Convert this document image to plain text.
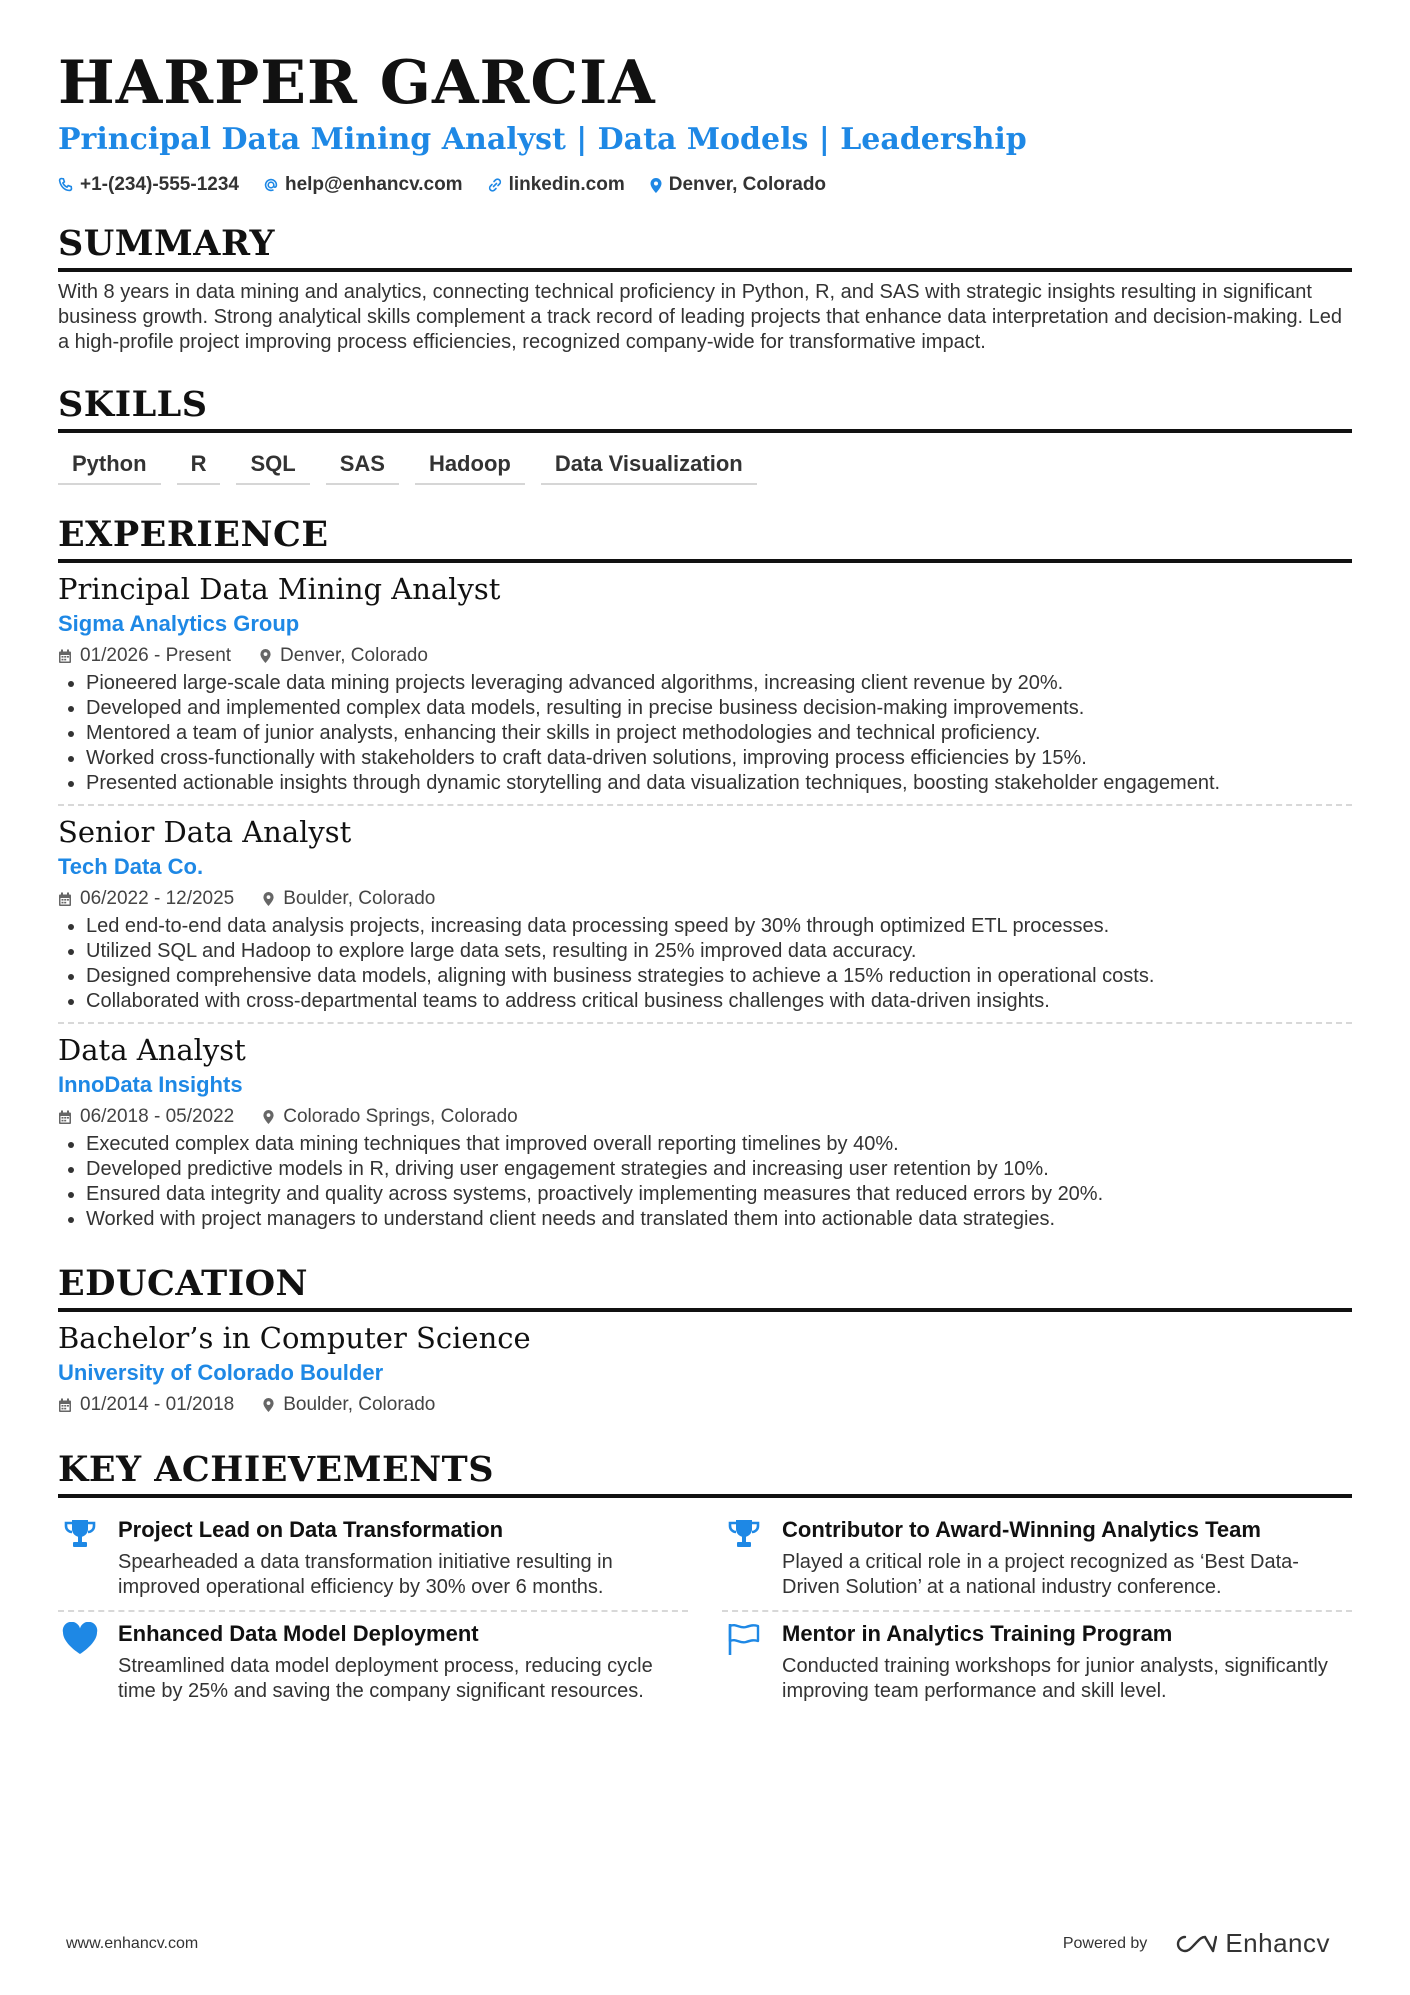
HARPER GARCIA
Principal Data Mining Analyst | Data Models | Leadership
+1-(234)-555-1234 help@enhancv.com linkedin.com Denver, Colorado
SUMMARY
With 8 years in data mining and analytics, connecting technical proficiency in Python, R, and SAS with strategic insights resulting in significant business growth. Strong analytical skills complement a track record of leading projects that enhance data interpretation and decision-making. Led a high-profile project improving process efficiencies, recognized company-wide for transformative impact.
SKILLS
Python	R	SQL	SAS	Hadoop	Data Visualization
EXPERIENCE
Principal Data Mining Analyst
Sigma Analytics Group
01/2026 - Present	Denver, Colorado
• Pioneered large-scale data mining projects leveraging advanced algorithms, increasing client revenue by 20%.
• Developed and implemented complex data models, resulting in precise business decision-making improvements.
• Mentored a team of junior analysts, enhancing their skills in project methodologies and technical proficiency.
• Worked cross-functionally with stakeholders to craft data-driven solutions, improving process efficiencies by 15%.
• Presented actionable insights through dynamic storytelling and data visualization techniques, boosting stakeholder engagement.
Senior Data Analyst
Tech Data Co.
06/2022 - 12/2025	Boulder, Colorado
• Led end-to-end data analysis projects, increasing data processing speed by 30% through optimized ETL processes.
• Utilized SQL and Hadoop to explore large data sets, resulting in 25% improved data accuracy.
• Designed comprehensive data models, aligning with business strategies to achieve a 15% reduction in operational costs.
• Collaborated with cross-departmental teams to address critical business challenges with data-driven insights.
Data Analyst
InnoData Insights
06/2018 - 05/2022	Colorado Springs, Colorado
• Executed complex data mining techniques that improved overall reporting timelines by 40%.
• Developed predictive models in R, driving user engagement strategies and increasing user retention by 10%.
• Ensured data integrity and quality across systems, proactively implementing measures that reduced errors by 20%.
• Worked with project managers to understand client needs and translated them into actionable data strategies.
EDUCATION
Bachelor’s in Computer Science
University of Colorado Boulder
01/2014 - 01/2018	Boulder, Colorado
KEY ACHIEVEMENTS
Project Lead on Data Transformation
Spearheaded a data transformation initiative resulting in improved operational efficiency by 30% over 6 months.
Contributor to Award-Winning Analytics Team
Played a critical role in a project recognized as ‘Best Data-Driven Solution’ at a national industry conference.
Enhanced Data Model Deployment
Streamlined data model deployment process, reducing cycle time by 25% and saving the company significant resources.
Mentor in Analytics Training Program
Conducted training workshops for junior analysts, significantly improving team performance and skill level.
www.enhancv.com	Powered by	Enhancv
